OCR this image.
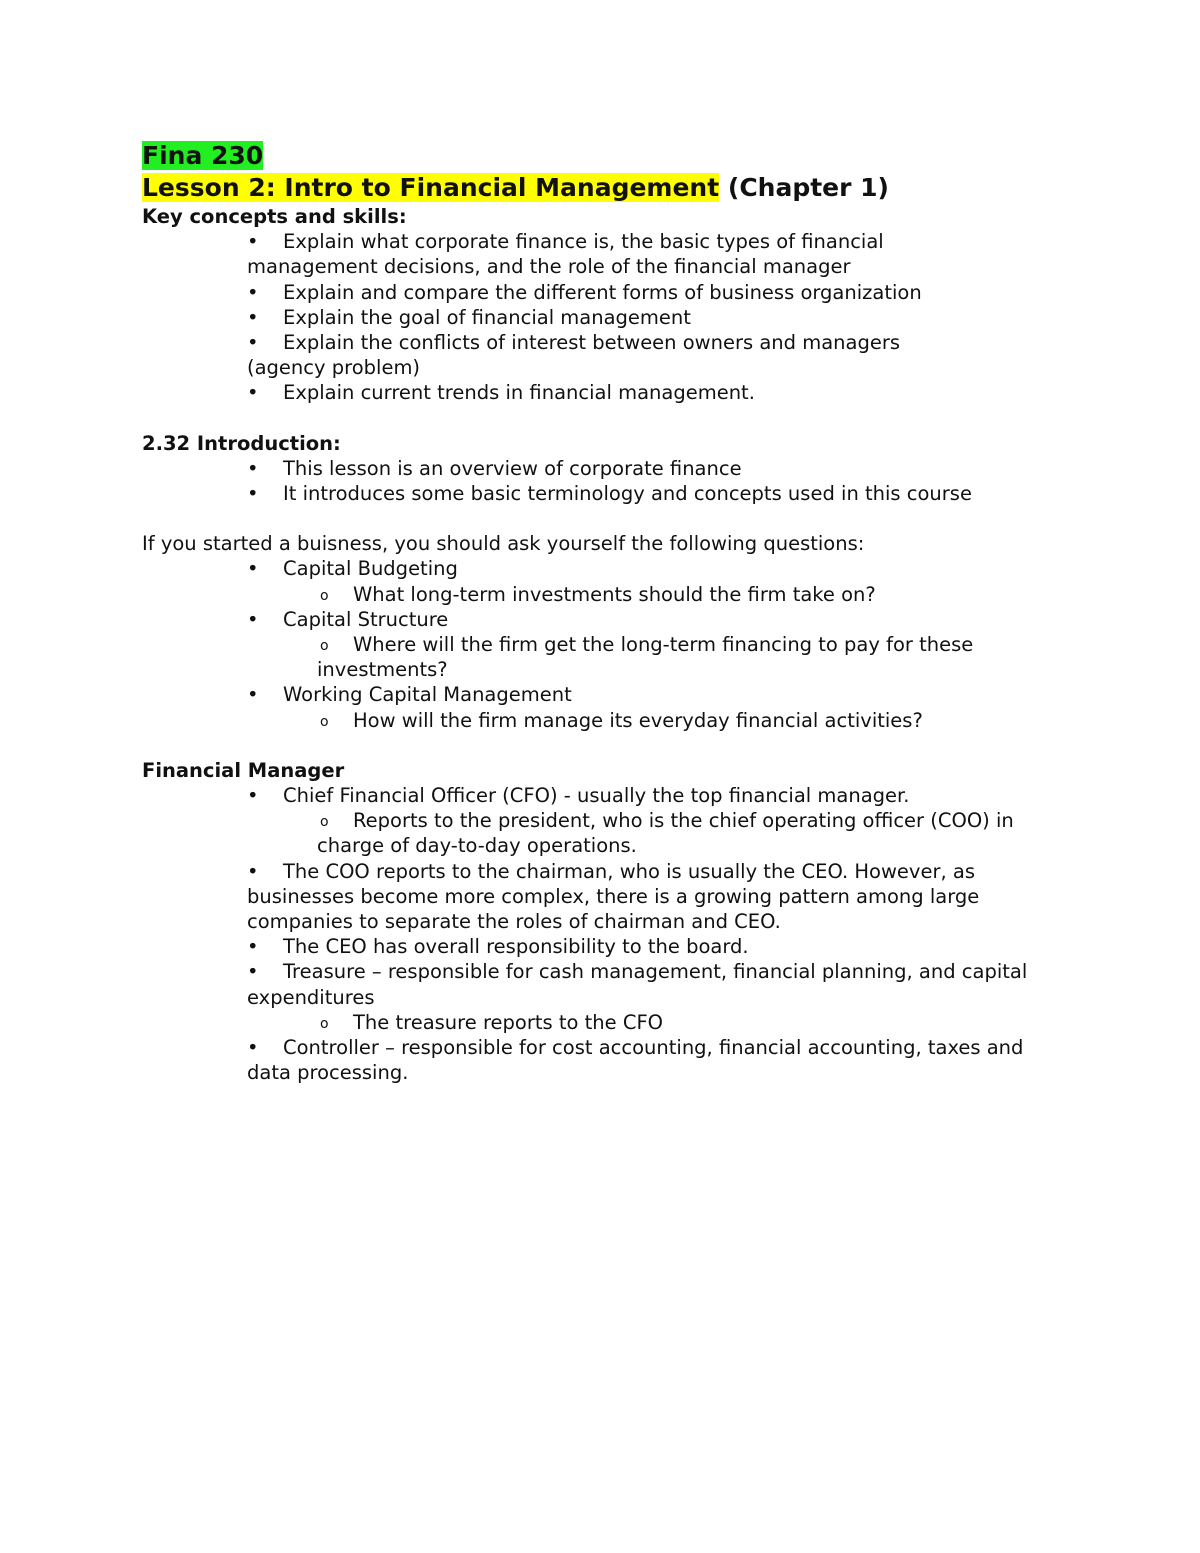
Fina 230
Lesson 2: Intro to Financial Management (Chapter 1)
Key concepts and skills:
•	Explain what corporate finance is, the basic types of financial management decisions, and the role of the financial manager
•	Explain and compare the different forms of business organization
•	Explain the goal of financial management
•	Explain the conflicts of interest between owners and managers (agency problem)
•	Explain current trends in financial management.
2.32 Introduction:
•	This lesson is an overview of corporate finance
•	It introduces some basic terminology and concepts used in this course
If you started a buisness, you should ask yourself the following questions:
•	Capital Budgeting
o	What long-term investments should the firm take on?
•	Capital Structure
o	Where will the firm get the long-term financing to pay for these investments?
•	Working Capital Management
o	How will the firm manage its everyday financial activities?
Financial Manager
•	Chief Financial Officer (CFO) - usually the top financial manager.
o	Reports to the president, who is the chief operating officer (COO) in charge of day-to-day operations.
•	The COO reports to the chairman, who is usually the CEO. However, as businesses become more complex, there is a growing pattern among large companies to separate the roles of chairman and CEO.
•	The CEO has overall responsibility to the board.
•	Treasure – responsible for cash management, financial planning, and capital expenditures
o	The treasure reports to the CFO
•	Controller – responsible for cost accounting, financial accounting, taxes and data processing.
